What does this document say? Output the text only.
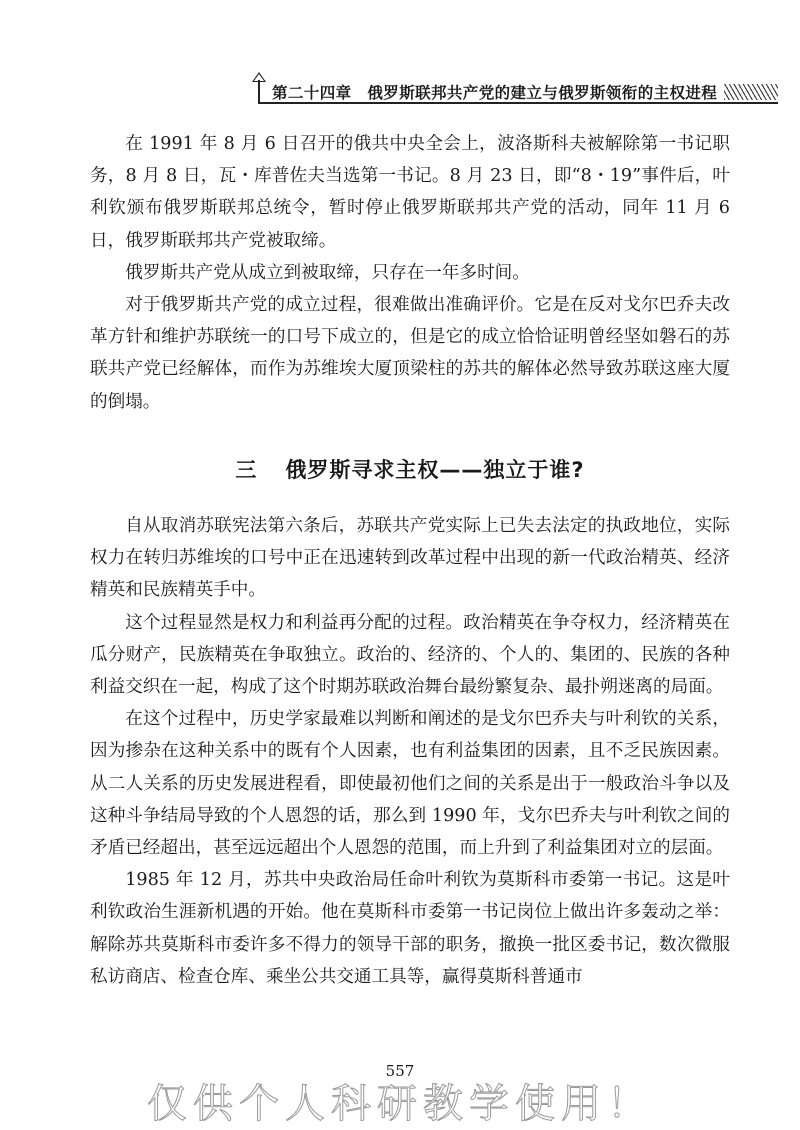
第二十四章　俄罗斯联邦共产党的建立与俄罗斯领衔的主权进程

在 1991 年 8 月 6 日召开的俄共中央全会上，波洛斯科夫被解除第一书记职务，8 月 8 日，瓦・库普佐夫当选第一书记。8 月 23 日，即“8・19”事件后，叶利钦颁布俄罗斯联邦总统令，暂时停止俄罗斯联邦共产党的活动，同年 11 月 6 日，俄罗斯联邦共产党被取缔。

俄罗斯共产党从成立到被取缔，只存在一年多时间。

对于俄罗斯共产党的成立过程，很难做出准确评价。它是在反对戈尔巴乔夫改革方针和维护苏联统一的口号下成立的，但是它的成立恰恰证明曾经坚如磐石的苏联共产党已经解体，而作为苏维埃大厦顶梁柱的苏共的解体必然导致苏联这座大厦的倒塌。

三 俄罗斯寻求主权——独立于谁?

自从取消苏联宪法第六条后，苏联共产党实际上已失去法定的执政地位，实际权力在转归苏维埃的口号中正在迅速转到改革过程中出现的新一代政治精英、经济精英和民族精英手中。

这个过程显然是权力和利益再分配的过程。政治精英在争夺权力，经济精英在瓜分财产，民族精英在争取独立。政治的、经济的、个人的、集团的、民族的各种利益交织在一起，构成了这个时期苏联政治舞台最纷繁复杂、最扑朔迷离的局面。

在这个过程中，历史学家最难以判断和阐述的是戈尔巴乔夫与叶利钦的关系，因为掺杂在这种关系中的既有个人因素，也有利益集团的因素，且不乏民族因素。从二人关系的历史发展进程看，即使最初他们之间的关系是出于一般政治斗争以及这种斗争结局导致的个人恩怨的话，那么到 1990 年，戈尔巴乔夫与叶利钦之间的矛盾已经超出，甚至远远超出个人恩怨的范围，而上升到了利益集团对立的层面。

1985 年 12 月，苏共中央政治局任命叶利钦为莫斯科市委第一书记。这是叶利钦政治生涯新机遇的开始。他在莫斯科市委第一书记岗位上做出许多轰动之举：解除苏共莫斯科市委许多不得力的领导干部的职务，撤换一批区委书记，数次微服私访商店、检查仓库、乘坐公共交通工具等，赢得莫斯科普通市

557
仅供个人科研教学使用！
